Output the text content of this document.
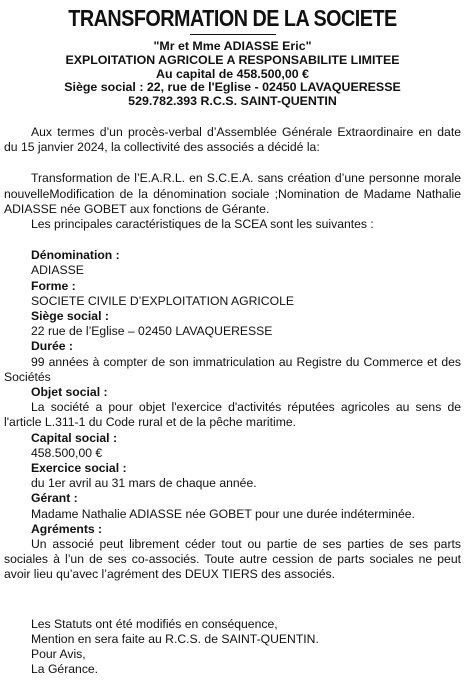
TRANSFORMATION DE LA SOCIETE
"Mr et Mme ADIASSE Eric"
EXPLOITATION AGRICOLE A RESPONSABILITE LIMITEE
Au capital de 458.500,00 €
Siège social : 22, rue de l'Eglise - 02450 LAVAQUERESSE
529.782.393 R.C.S. SAINT-QUENTIN

Aux termes d’un procès-verbal d’Assemblée Générale Extraordinaire en date du 15 janvier 2024, la collectivité des associés a décidé la:

Transformation de l’E.A.R.L. en S.C.E.A. sans création d’une personne morale nouvelleModification de la dénomination sociale ;Nomination de Madame Nathalie ADIASSE née GOBET aux fonctions de Gérante.

Les principales caractéristiques de la SCEA sont les suivantes :

Dénomination :

ADIASSE

Forme :

SOCIETE CIVILE D’EXPLOITATION AGRICOLE

Siège social :

22 rue de l’Eglise – 02450 LAVAQUERESSE

Durée :

99 années à compter de son immatriculation au Registre du Commerce et des Sociétés

Objet social :

La société a pour objet l'exercice d'activités réputées agricoles au sens de l'article L.311-1 du Code rural et de la pêche maritime.

Capital social :

458.500,00 €

Exercice social :

du 1er avril au 31 mars de chaque année.

Gérant :

Madame Nathalie ADIASSE née GOBET pour une durée indéterminée.

Agréments :

Un associé peut librement céder tout ou partie de ses parties de ses parts sociales à l’un de ses co-associés. Toute autre cession de parts sociales ne peut avoir lieu qu’avec l’agrément des DEUX TIERS des associés.

Les Statuts ont été modifiés en conséquence,

Mention en sera faite au R.C.S. de SAINT-QUENTIN.

Pour Avis,

La Gérance.
